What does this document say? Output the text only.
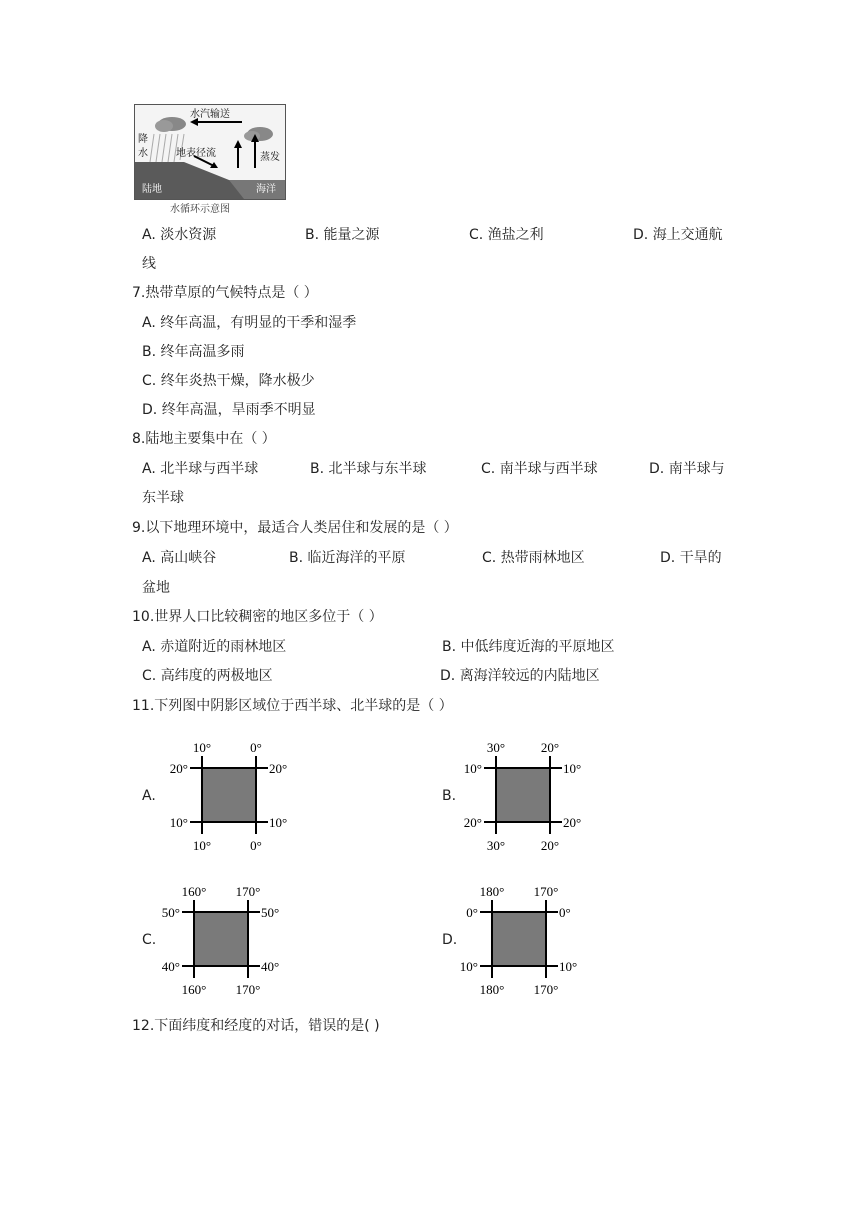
水汽输送
降
水	地表径流	蒸发
陆地	海洋
水循环示意图
A. 淡水资源	B. 能量之源	C. 渔盐之利	D. 海上交通航
线
7.热带草原的气候特点是（ ）
A. 终年高温，有明显的干季和湿季
B. 终年高温多雨
C. 终年炎热干燥，降水极少
D. 终年高温，旱雨季不明显
8.陆地主要集中在（ ）
A. 北半球与西半球	B. 北半球与东半球	C. 南半球与西半球	D. 南半球与
东半球
9.以下地理环境中，最适合人类居住和发展的是（ ）
A. 高山峡谷	B. 临近海洋的平原	C. 热带雨林地区	D. 干旱的
盆地
10.世界人口比较稠密的地区多位于（ ）
A. 赤道附近的雨林地区	B. 中低纬度近海的平原地区
C. 高纬度的两极地区	D. 离海洋较远的内陆地区
11.下列图中阴影区域位于西半球、北半球的是（ ）
A.
10°	0°
10°	0°
20°
10°
20°
10°
B.
30°	20°
30°	20°
10°
20°
10°
20°
C.
160° 170°
160° 170°
50°
40°
50°
40°
D.
180° 170°
180° 170°
0°
10°
0°
10°
12.下面纬度和经度的对话，错误的是( )
